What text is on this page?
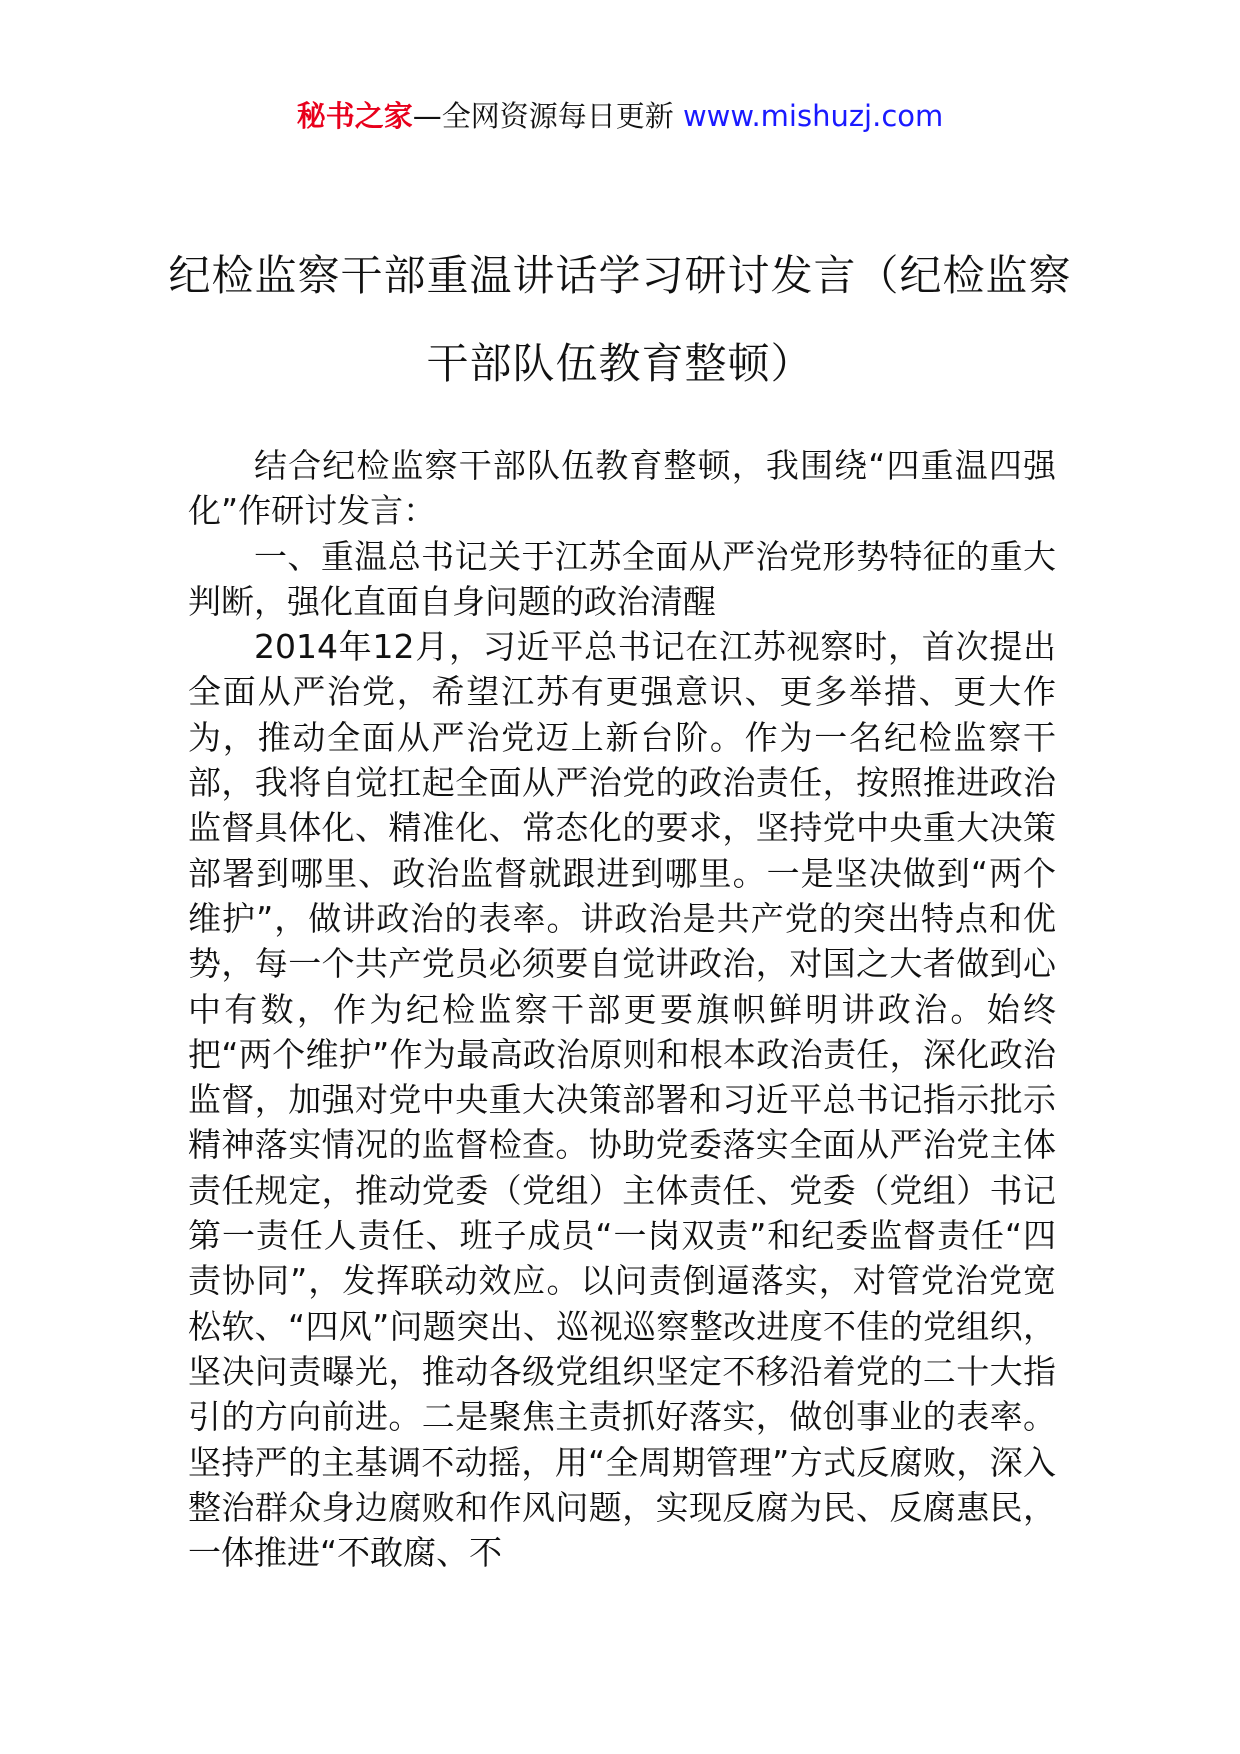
秘书之家—全网资源每日更新 www.mishuzj.com
纪检监察干部重温讲话学习研讨发言（纪检监察干部队伍教育整顿）

结合纪检监察干部队伍教育整顿，我围绕“四重温四强化”作研讨发言：

一、重温总书记关于江苏全面从严治党形势特征的重大判断，强化直面自身问题的政治清醒

2014年12月，习近平总书记在江苏视察时，首次提出全面从严治党，希望江苏有更强意识、更多举措、更大作为，推动全面从严治党迈上新台阶。作为一名纪检监察干部，我将自觉扛起全面从严治党的政治责任，按照推进政治监督具体化、精准化、常态化的要求，坚持党中央重大决策部署到哪里、政治监督就跟进到哪里。一是坚决做到“两个维护”，做讲政治的表率。讲政治是共产党的突出特点和优势，每一个共产党员必须要自觉讲政治，对国之大者做到心中有数，作为纪检监察干部更要旗帜鲜明讲政治。始终把“两个维护”作为最高政治原则和根本政治责任，深化政治监督，加强对党中央重大决策部署和习近平总书记指示批示精神落实情况的监督检查。协助党委落实全面从严治党主体责任规定，推动党委（党组）主体责任、党委（党组）书记第一责任人责任、班子成员“一岗双责”和纪委监督责任“四责协同”，发挥联动效应。以问责倒逼落实，对管党治党宽松软、“四风”问题突出、巡视巡察整改进度不佳的党组织，坚决问责曝光，推动各级党组织坚定不移沿着党的二十大指引的方向前进。二是聚焦主责抓好落实，做创事业的表率。坚持严的主基调不动摇，用“全周期管理”方式反腐败，深入整治群众身边腐败和作风问题，实现反腐为民、反腐惠民，一体推进“不敢腐、不
